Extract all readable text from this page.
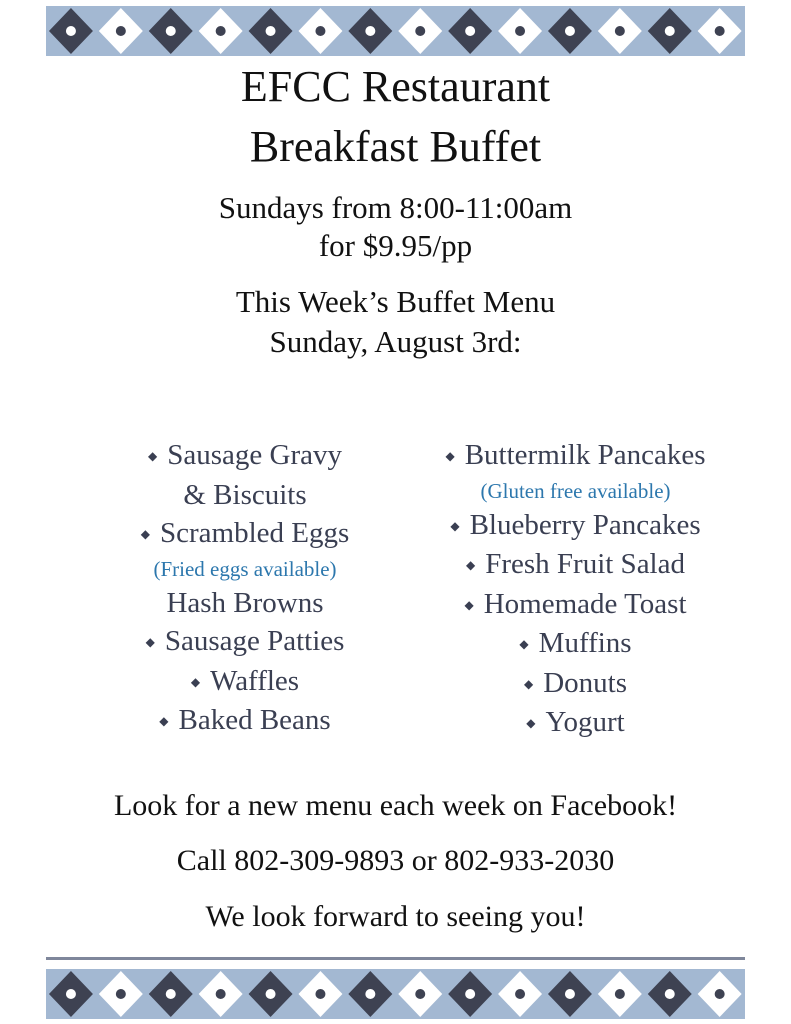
EFCC Restaurant
Breakfast Buffet
Sundays from 8:00-11:00am
for $9.95/pp
This Week’s Buffet Menu
Sunday, August 3rd:
◆ Sausage Gravy
& Biscuits
◆ Scrambled Eggs
(Fried eggs available)
Hash Browns
◆ Sausage Patties
◆ Waffles
◆ Baked Beans
◆ Buttermilk Pancakes
(Gluten free available)
◆ Blueberry Pancakes
◆ Fresh Fruit Salad
◆ Homemade Toast
◆ Muffins
◆ Donuts
◆ Yogurt
Look for a new menu each week on Facebook!
Call 802-309-9893 or 802-933-2030
We look forward to seeing you!
